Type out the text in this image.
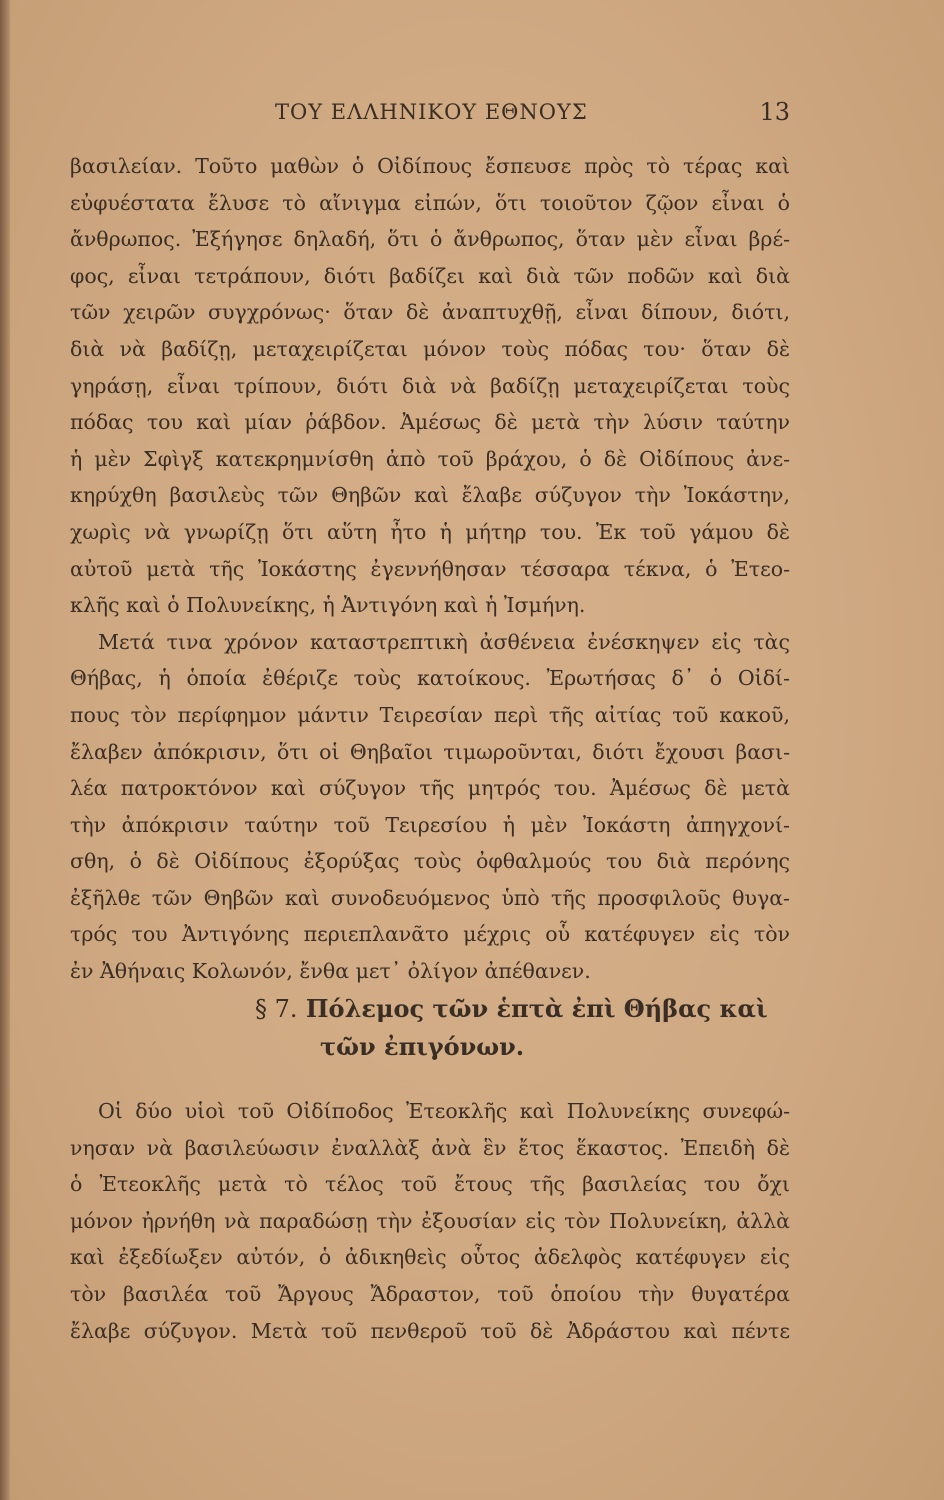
ΤΟΥ ΕΛΛΗΝΙΚΟΥ ΕΘΝΟΥΣ	13
βασιλείαν. Τοῦτο μαθὼν ὁ Οἰδίπους ἔσπευσε πρὸς τὸ τέρας καὶ
εὐφυέστατα ἔλυσε τὸ αἴνιγμα εἰπών, ὅτι τοιοῦτον ζῷον εἶναι ὁ
ἄνθρωπος. Ἐξήγησε δηλαδή, ὅτι ὁ ἄνθρωπος, ὅταν μὲν εἶναι βρέ-
φος, εἶναι τετράπουν, διότι βαδίζει καὶ διὰ τῶν ποδῶν καὶ διὰ
τῶν χειρῶν συγχρόνως· ὅταν δὲ ἀναπτυχθῇ, εἶναι δίπουν, διότι,
διὰ νὰ βαδίζῃ, μεταχειρίζεται μόνον τοὺς πόδας του· ὅταν δὲ
γηράσῃ, εἶναι τρίπουν, διότι διὰ νὰ βαδίζῃ μεταχειρίζεται τοὺς
πόδας του καὶ μίαν ῥάβδον. Ἀμέσως δὲ μετὰ τὴν λύσιν ταύτην
ἡ μὲν Σφὶγξ κατεκρημνίσθη ἀπὸ τοῦ βράχου, ὁ δὲ Οἰδίπους ἀνε-
κηρύχθη βασιλεὺς τῶν Θηβῶν καὶ ἔλαβε σύζυγον τὴν Ἰοκάστην,
χωρὶς νὰ γνωρίζῃ ὅτι αὕτη ἦτο ἡ μήτηρ του. Ἐκ τοῦ γάμου δὲ
αὐτοῦ μετὰ τῆς Ἰοκάστης ἐγεννήθησαν τέσσαρα τέκνα, ὁ Ἐτεο-
κλῆς καὶ ὁ Πολυνείκης, ἡ Ἀντιγόνη καὶ ἡ Ἰσμήνη.
Μετά τινα χρόνον καταστρεπτικὴ ἀσθένεια ἐνέσκηψεν εἰς τὰς
Θήβας, ἡ ὁποία ἐθέριζε τοὺς κατοίκους. Ἐρωτήσας δ᾽ ὁ Οἰδί-
πους τὸν περίφημον μάντιν Τειρεσίαν περὶ τῆς αἰτίας τοῦ κακοῦ,
ἔλαβεν ἀπόκρισιν, ὅτι οἱ Θηβαῖοι τιμωροῦνται, διότι ἔχουσι βασι-
λέα πατροκτόνον καὶ σύζυγον τῆς μητρός του. Ἀμέσως δὲ μετὰ
τὴν ἀπόκρισιν ταύτην τοῦ Τειρεσίου ἡ μὲν Ἰοκάστη ἀπηγχονί-
σθη, ὁ δὲ Οἰδίπους ἐξορύξας τοὺς ὀφθαλμούς του διὰ περόνης
ἐξῆλθε τῶν Θηβῶν καὶ συνοδευόμενος ὑπὸ τῆς προσφιλοῦς θυγα-
τρός του Ἀντιγόνης περιεπλανᾶτο μέχρις οὗ κατέφυγεν εἰς τὸν
ἐν Ἀθήναις Κολωνόν, ἔνθα μετ᾽ ὀλίγον ἀπέθανεν.
§ 7. Πόλεμος τῶν ἑπτὰ ἐπὶ Θήβας καὶ
τῶν ἐπιγόνων.
Οἱ δύο υἱοὶ τοῦ Οἰδίποδος Ἐτεοκλῆς καὶ Πολυνείκης συνεφώ-
νησαν νὰ βασιλεύωσιν ἐναλλὰξ ἀνὰ ἓν ἔτος ἕκαστος. Ἐπειδὴ δὲ
ὁ Ἐτεοκλῆς μετὰ τὸ τέλος τοῦ ἔτους τῆς βασιλείας του ὄχι
μόνον ἠρνήθη νὰ παραδώσῃ τὴν ἐξουσίαν εἰς τὸν Πολυνείκη, ἀλλὰ
καὶ ἐξεδίωξεν αὐτόν, ὁ ἀδικηθεὶς οὗτος ἀδελφὸς κατέφυγεν εἰς
τὸν βασιλέα τοῦ Ἄργους Ἄδραστον, τοῦ ὁποίου τὴν θυγατέρα
ἔλαβε σύζυγον. Μετὰ τοῦ πενθεροῦ τοῦ δὲ Ἀδράστου καὶ πέντε
